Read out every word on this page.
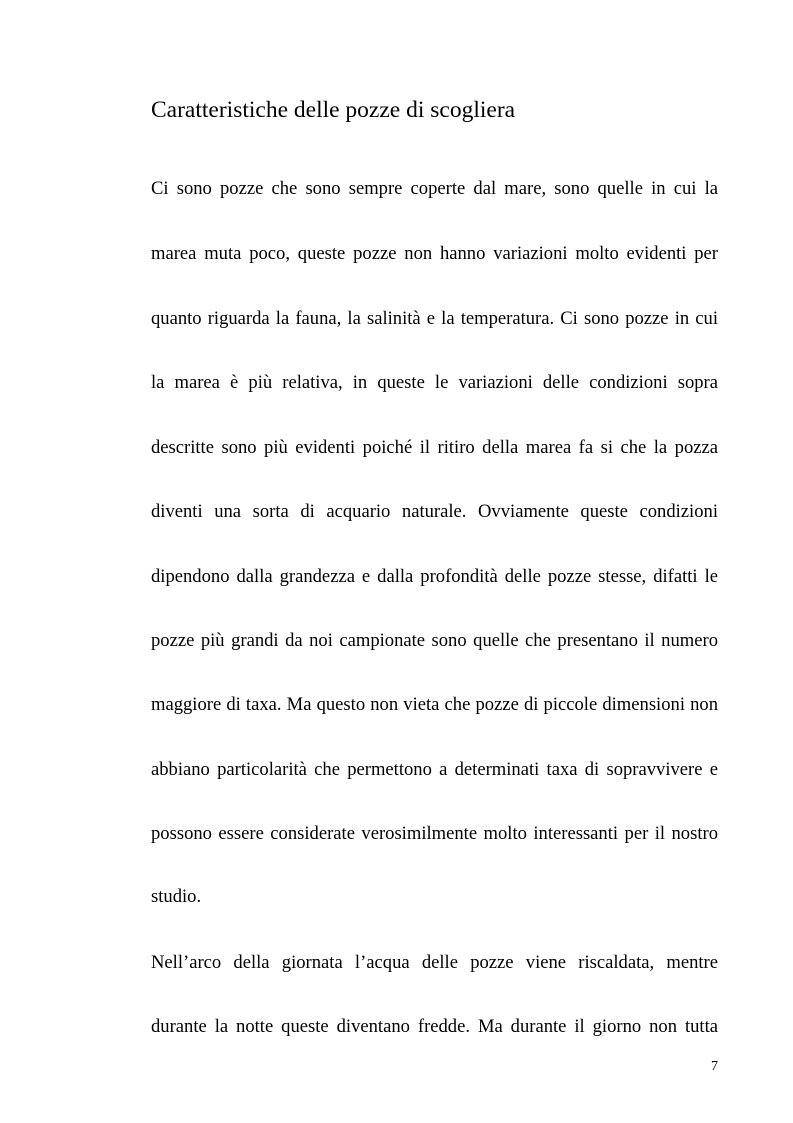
Caratteristiche delle pozze di scogliera

Ci sono pozze che sono sempre coperte dal mare, sono quelle in cui la

marea muta poco, queste pozze non hanno variazioni molto evidenti per

quanto riguarda la fauna, la salinità e la temperatura. Ci sono pozze in cui

la marea è più relativa, in queste le variazioni delle condizioni sopra

descritte sono più evidenti poiché il ritiro della marea fa si che la pozza

diventi una sorta di acquario naturale. Ovviamente queste condizioni

dipendono dalla grandezza e dalla profondità delle pozze stesse, difatti le

pozze più grandi da noi campionate sono quelle che presentano il numero

maggiore di taxa. Ma questo non vieta che pozze di piccole dimensioni non

abbiano particolarità che permettono a determinati taxa di sopravvivere e

possono essere considerate verosimilmente molto interessanti per il nostro

studio.

Nell’arco della giornata l’acqua delle pozze viene riscaldata, mentre

durante la notte queste diventano fredde. Ma durante il giorno non tutta

7
